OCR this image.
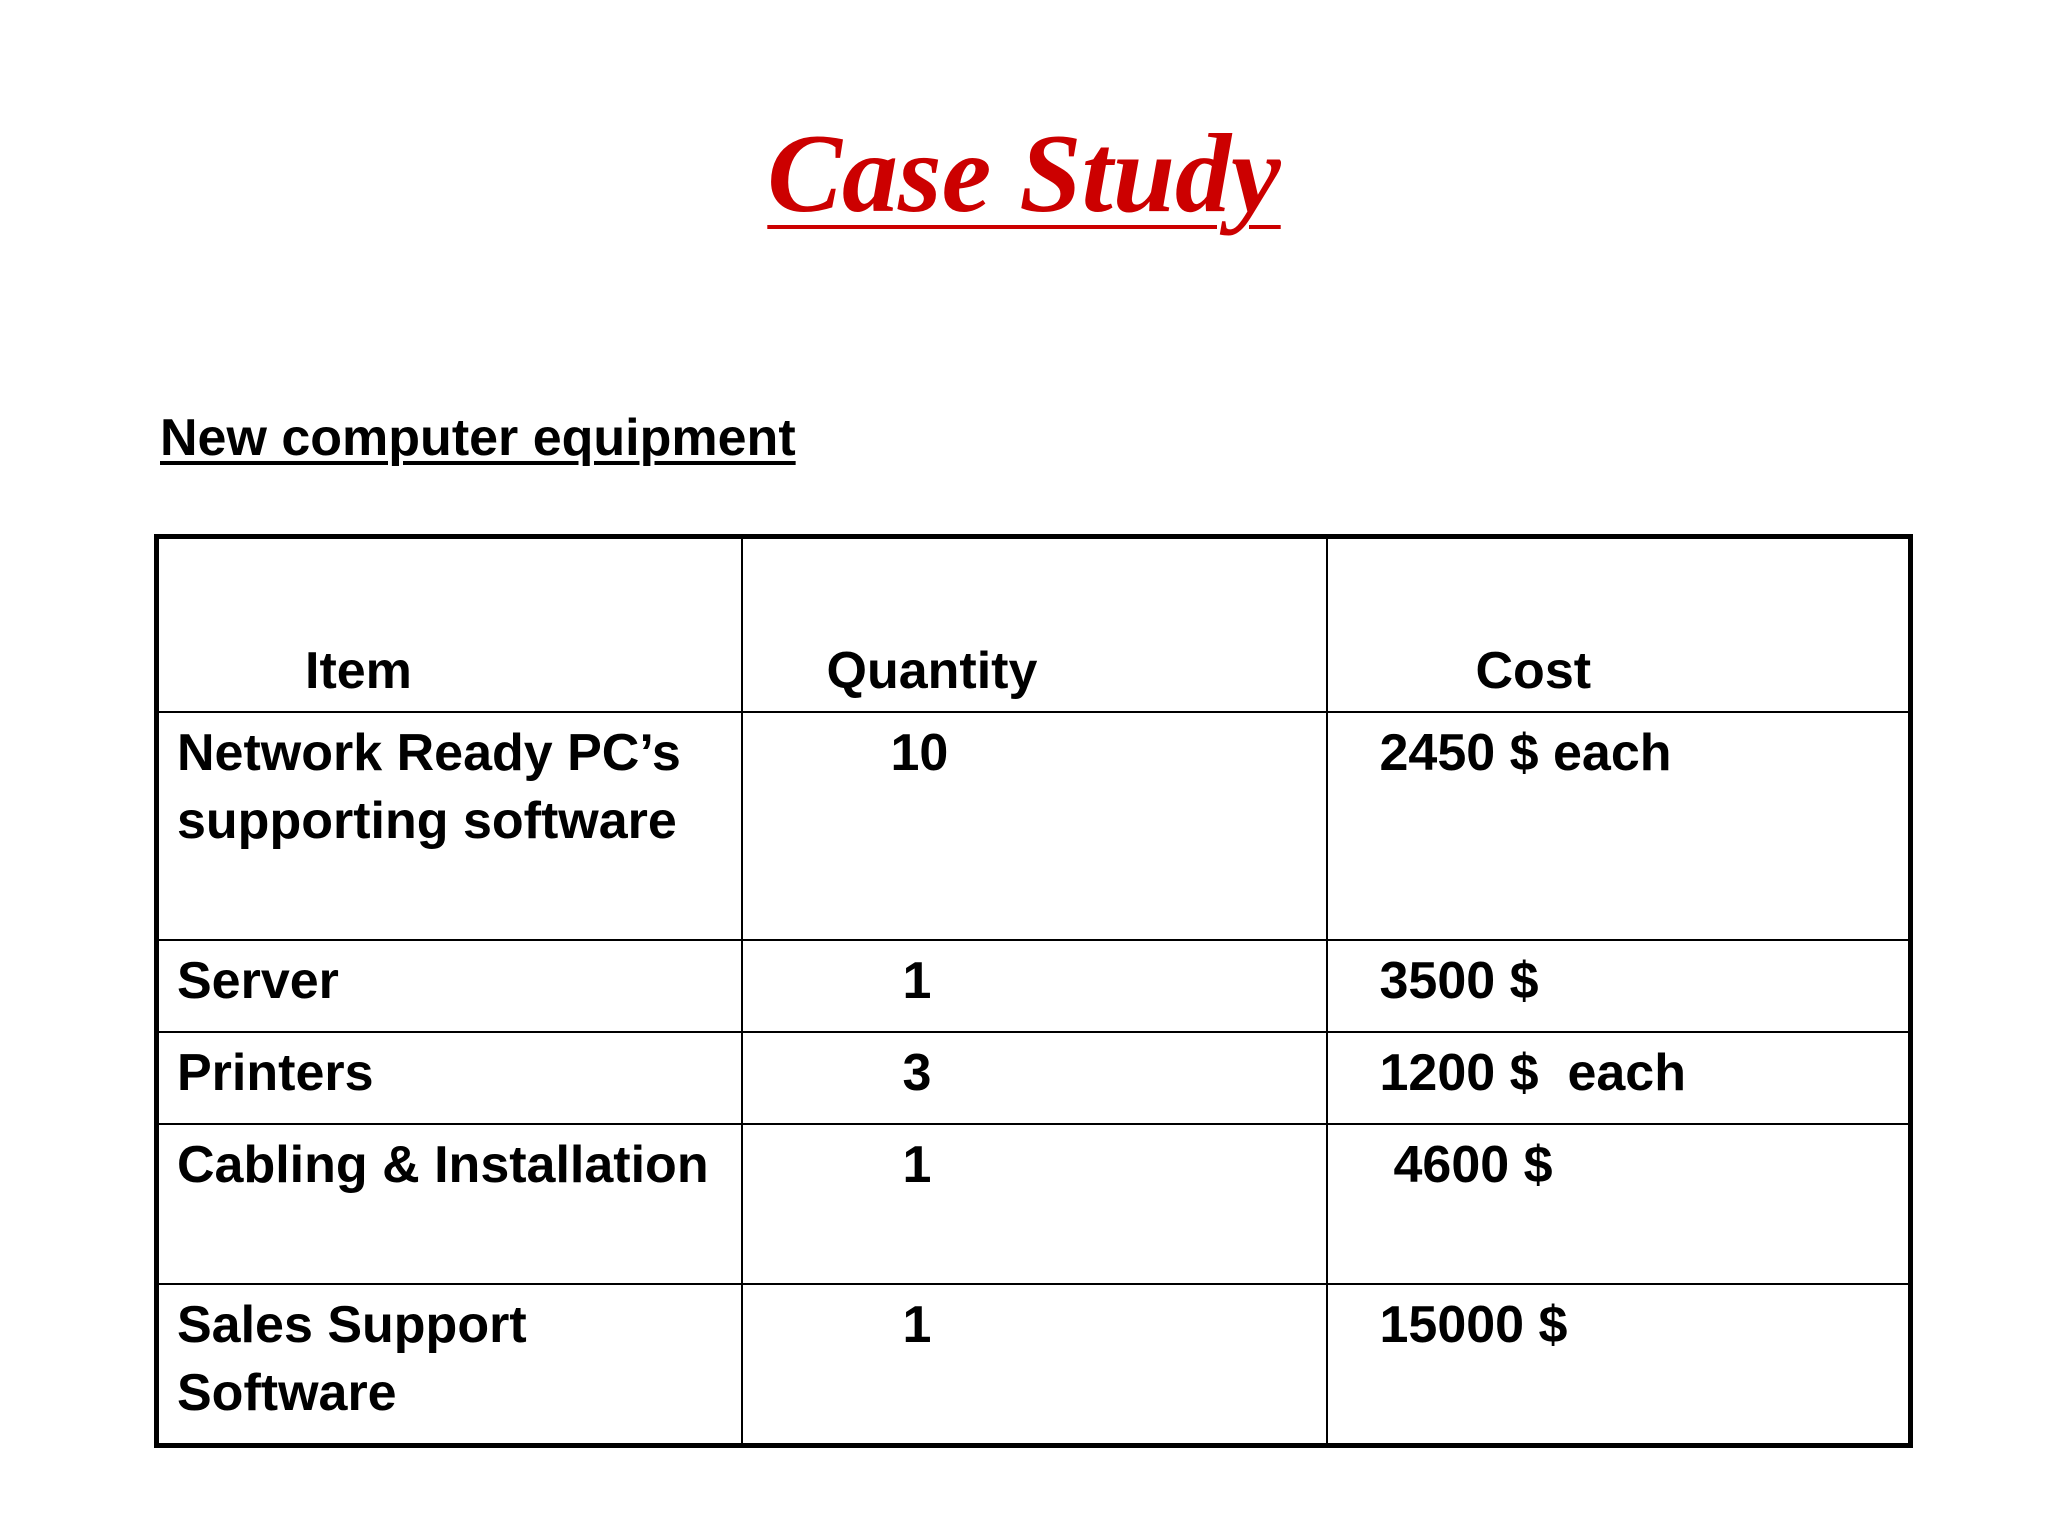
Case Study

New computer equipment

Item	Quantity	Cost
Network Ready PC’s supporting software	10	2450 $ each
Server	1	3500 $
Printers	3	1200 $  each
Cabling & Installation	1	4600 $
Sales Support Software	1	15000 $
